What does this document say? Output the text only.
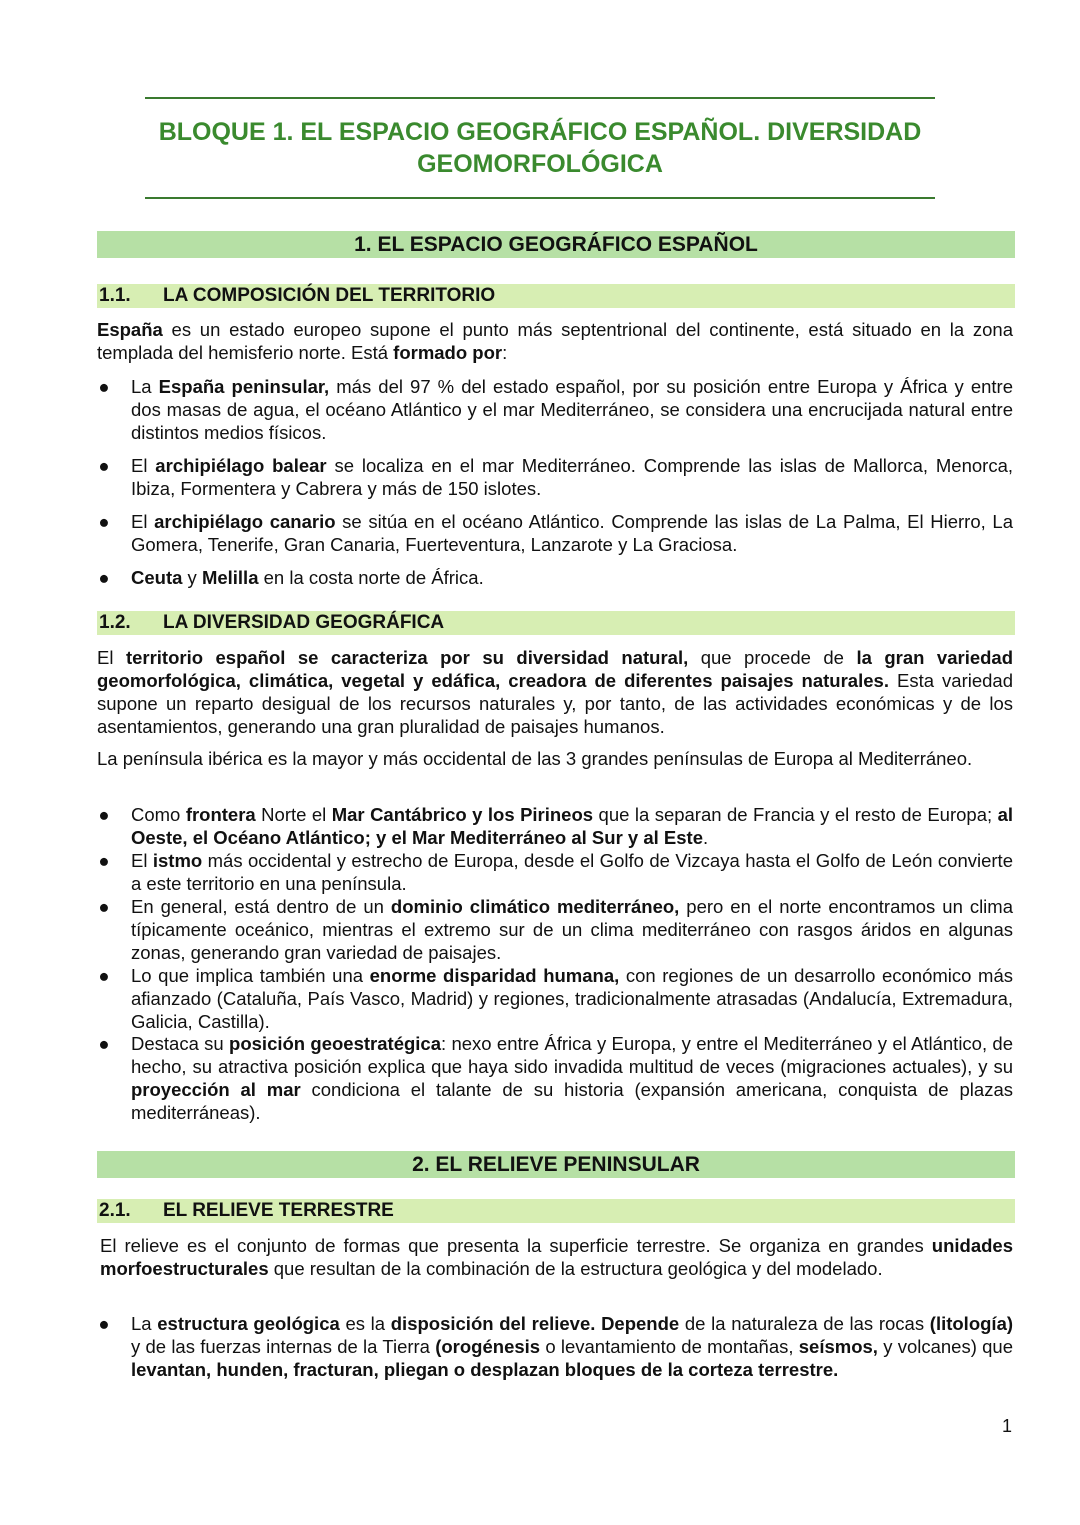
BLOQUE 1. EL ESPACIO GEOGRÁFICO ESPAÑOL. DIVERSIDAD GEOMORFOLÓGICA
1. EL ESPACIO GEOGRÁFICO ESPAÑOL
1.1. LA COMPOSICIÓN DEL TERRITORIO
España es un estado europeo supone el punto más septentrional del continente, está situado en la zona templada del hemisferio norte. Está formado por:
● La España peninsular, más del 97 % del estado español, por su posición entre Europa y África y entre dos masas de agua, el océano Atlántico y el mar Mediterráneo, se considera una encrucijada natural entre distintos medios físicos.
● El archipiélago balear se localiza en el mar Mediterráneo. Comprende las islas de Mallorca, Menorca, Ibiza, Formentera y Cabrera y más de 150 islotes.
● El archipiélago canario se sitúa en el océano Atlántico. Comprende las islas de La Palma, El Hierro, La Gomera, Tenerife, Gran Canaria, Fuerteventura, Lanzarote y La Graciosa.
● Ceuta y Melilla en la costa norte de África.
1.2. LA DIVERSIDAD GEOGRÁFICA
El territorio español se caracteriza por su diversidad natural, que procede de la gran variedad geomorfológica, climática, vegetal y edáfica, creadora de diferentes paisajes naturales. Esta variedad supone un reparto desigual de los recursos naturales y, por tanto, de las actividades económicas y de los asentamientos, generando una gran pluralidad de paisajes humanos.
La península ibérica es la mayor y más occidental de las 3 grandes penínsulas de Europa al Mediterráneo.
● Como frontera Norte el Mar Cantábrico y los Pirineos que la separan de Francia y el resto de Europa; al Oeste, el Océano Atlántico; y el Mar Mediterráneo al Sur y al Este.
● El istmo más occidental y estrecho de Europa, desde el Golfo de Vizcaya hasta el Golfo de León convierte a este territorio en una península.
● En general, está dentro de un dominio climático mediterráneo, pero en el norte encontramos un clima típicamente oceánico, mientras el extremo sur de un clima mediterráneo con rasgos áridos en algunas zonas, generando gran variedad de paisajes.
● Lo que implica también una enorme disparidad humana, con regiones de un desarrollo económico más afianzado (Cataluña, País Vasco, Madrid) y regiones, tradicionalmente atrasadas (Andalucía, Extremadura, Galicia, Castilla).
● Destaca su posición geoestratégica: nexo entre África y Europa, y entre el Mediterráneo y el Atlántico, de hecho, su atractiva posición explica que haya sido invadida multitud de veces (migraciones actuales), y su proyección al mar condiciona el talante de su historia (expansión americana, conquista de plazas mediterráneas).
2. EL RELIEVE PENINSULAR
2.1. EL RELIEVE TERRESTRE
El relieve es el conjunto de formas que presenta la superficie terrestre. Se organiza en grandes unidades morfoestructurales que resultan de la combinación de la estructura geológica y del modelado.
● La estructura geológica es la disposición del relieve. Depende de la naturaleza de las rocas (litología) y de las fuerzas internas de la Tierra (orogénesis o levantamiento de montañas, seísmos, y volcanes) que levantan, hunden, fracturan, pliegan o desplazan bloques de la corteza terrestre.
1
